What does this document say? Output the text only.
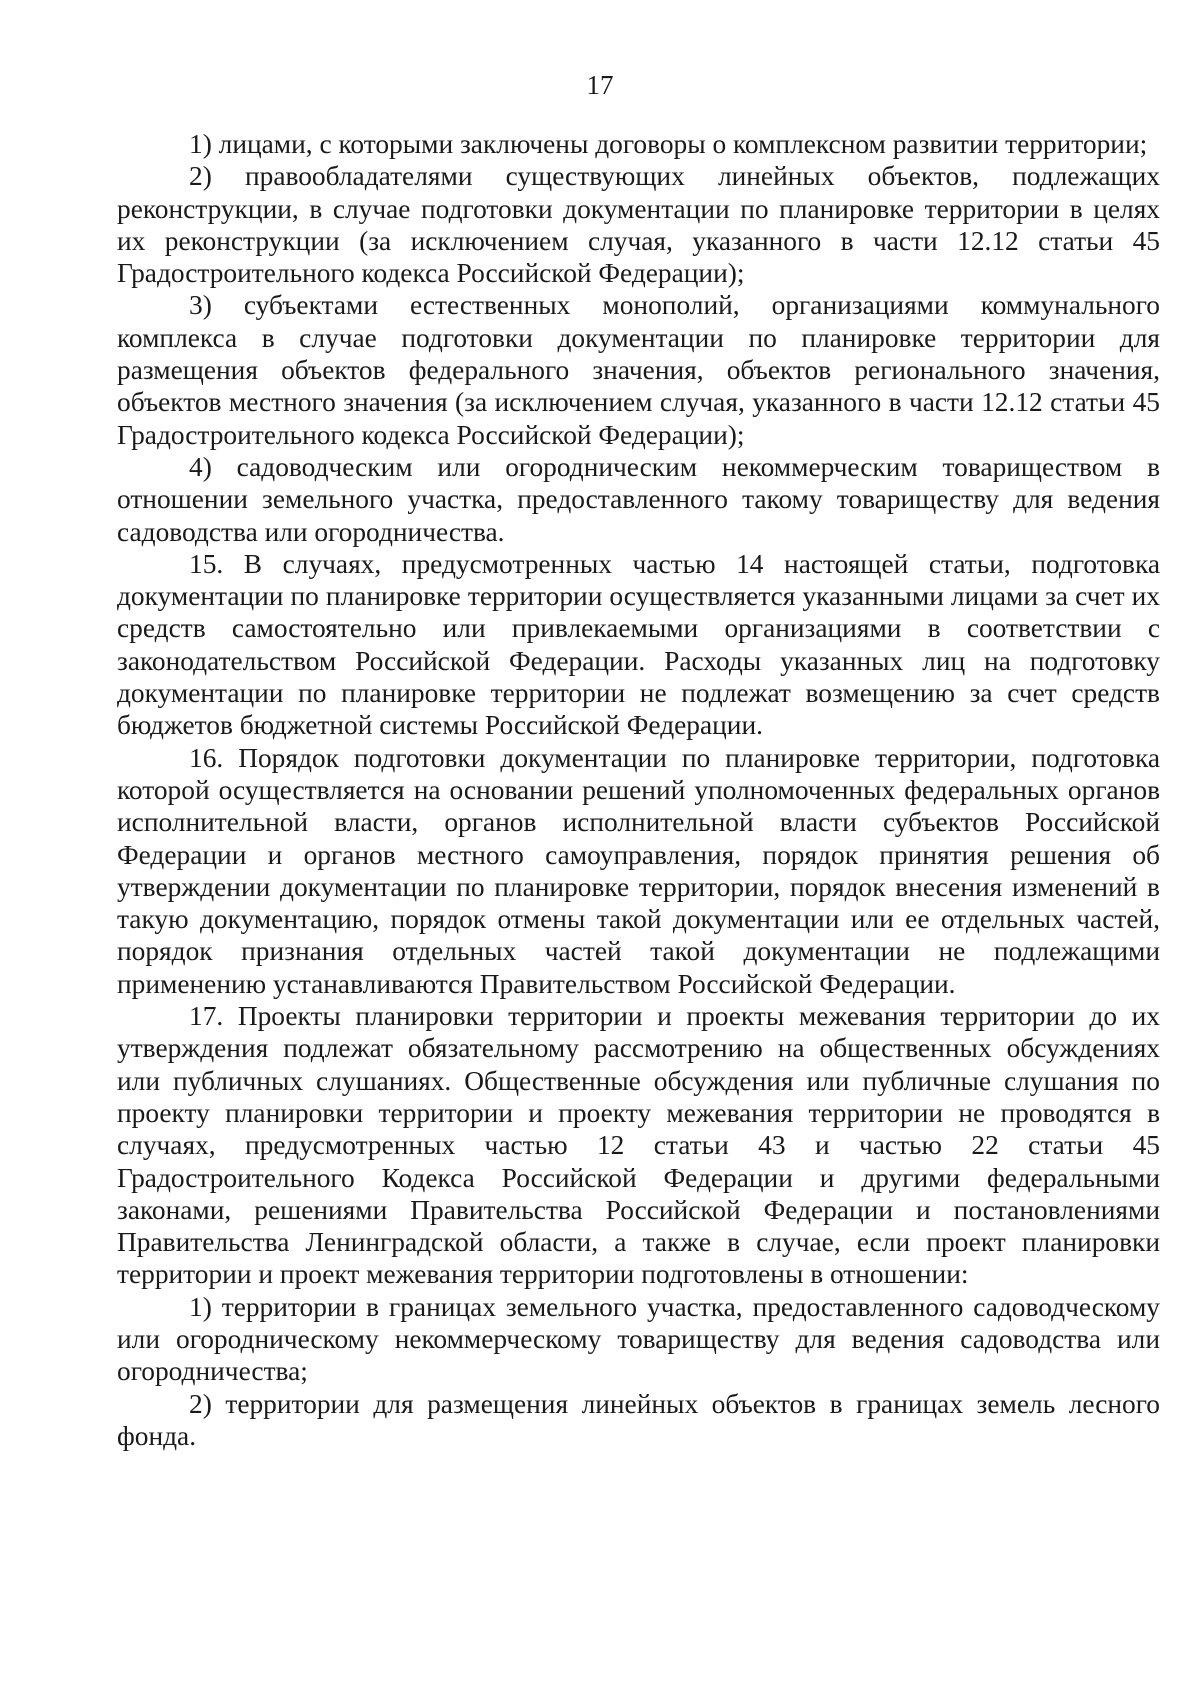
17

1) лицами, с которыми заключены договоры о комплексном развитии территории;

2) правообладателями существующих линейных объектов, подлежащих реконструкции, в случае подготовки документации по планировке территории в целях их реконструкции (за исключением случая, указанного в части 12.12 статьи 45 Градостроительного кодекса Российской Федерации);

3) субъектами естественных монополий, организациями коммунального комплекса в случае подготовки документации по планировке территории для размещения объектов федерального значения, объектов регионального значения, объектов местного значения (за исключением случая, указанного в части 12.12 статьи 45 Градостроительного кодекса Российской Федерации);

4) садоводческим или огородническим некоммерческим товариществом в отношении земельного участка, предоставленного такому товариществу для ведения садоводства или огородничества.

15. В случаях, предусмотренных частью 14 настоящей статьи, подготовка документации по планировке территории осуществляется указанными лицами за счет их средств самостоятельно или привлекаемыми организациями в соответствии с законодательством Российской Федерации. Расходы указанных лиц на подготовку документации по планировке территории не подлежат возмещению за счет средств бюджетов бюджетной системы Российской Федерации.

16. Порядок подготовки документации по планировке территории, подготовка которой осуществляется на основании решений уполномоченных федеральных органов исполнительной власти, органов исполнительной власти субъектов Российской Федерации и органов местного самоуправления, порядок принятия решения об утверждении документации по планировке территории, порядок внесения изменений в такую документацию, порядок отмены такой документации или ее отдельных частей, порядок признания отдельных частей такой документации не подлежащими применению устанавливаются Правительством Российской Федерации.

17. Проекты планировки территории и проекты межевания территории до их утверждения подлежат обязательному рассмотрению на общественных обсуждениях или публичных слушаниях. Общественные обсуждения или публичные слушания по проекту планировки территории и проекту межевания территории не проводятся в случаях, предусмотренных частью 12 статьи 43 и частью 22 статьи 45 Градостроительного Кодекса Российской Федерации и другими федеральными законами, решениями Правительства Российской Федерации и постановлениями Правительства Ленинградской области, а также в случае, если проект планировки территории и проект межевания территории подготовлены в отношении:

1) территории в границах земельного участка, предоставленного садоводческому или огородническому некоммерческому товариществу для ведения садоводства или огородничества;

2) территории для размещения линейных объектов в границах земель лесного фонда.
